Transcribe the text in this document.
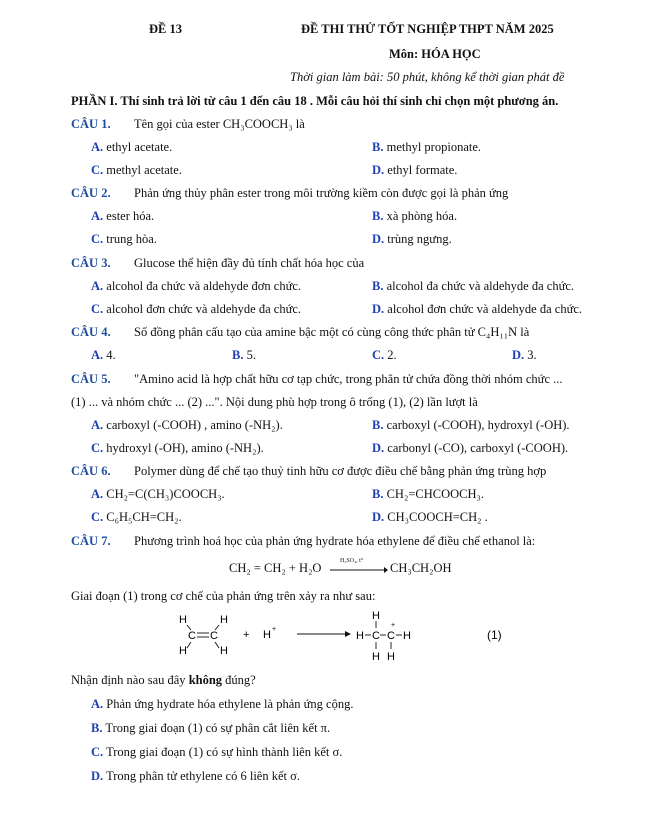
ĐỀ 13	ĐỀ THI THỬ TỐT NGHIỆP THPT NĂM 2025
Môn: HÓA HỌC
Thời gian làm bài: 50 phút, không kể thời gian phát đề
PHẦN I. Thí sinh trả lời từ câu 1 đến câu 18 . Mỗi câu hỏi thí sinh chỉ chọn một phương án.
CÂU 1. Tên gọi của ester CH₃COOCH₃ là
A. ethyl acetate.	B. methyl propionate.
C. methyl acetate.	D. ethyl formate.
CÂU 2. Phản ứng thủy phân ester trong môi trường kiềm còn được gọi là phản ứng
A. ester hóa.	B. xà phòng hóa.
C. trung hòa.	D. trùng ngưng.
CÂU 3. Glucose thể hiện đầy đủ tính chất hóa học của
A. alcohol đa chức và aldehyde đơn chức.	B. alcohol đa chức và aldehyde đa chức.
C. alcohol đơn chức và aldehyde đa chức.	D. alcohol đơn chức và aldehyde đa chức.
CÂU 4. Số đồng phân cấu tạo của amine bậc một có cùng công thức phân tử C₄H₁₁N là
A. 4.	B. 5.	C. 2.	D. 3.
CÂU 5. "Amino acid là hợp chất hữu cơ tạp chức, trong phân tử chứa đồng thời nhóm chức ...
(1) ... và nhóm chức ... (2) ...". Nội dung phù hợp trong ô trống (1), (2) lần lượt là
A. carboxyl (-COOH) , amino (-NH₂).	B. carboxyl (-COOH), hydroxyl (-OH).
C. hydroxyl (-OH), amino (-NH₂).	D. carbonyl (-CO), carboxyl (-COOH).
CÂU 6. Polymer dùng để chế tạo thuỷ tinh hữu cơ được điều chế bằng phản ứng trùng hợp
A. CH₂=C(CH₃)COOCH₃.	B. CH₂=CHCOOCH₃.
C. C₆H₅CH=CH₂.	D. CH₃COOCH=CH₂ .
CÂU 7. Phương trình hoá học của phản ứng hydrate hóa ethylene để điều chế ethanol là:
CH₂ = CH₂ + H₂O	H₂SO₄, t° CH₃CH₂OH
Giai đoạn (1) trong cơ chế của phản ứng trên xảy ra như sau:
H	H
H	H
C C + H +
H C C
+
H
H
H H
(1)
Nhận định nào sau đây không đúng?
A. Phản ứng hydrate hóa ethylene là phản ứng cộng.
B. Trong giai đoạn (1) có sự phân cắt liên kết π.
C. Trong giai đoạn (1) có sự hình thành liên kết σ.
D. Trong phân tử ethylene có 6 liên kết σ.
